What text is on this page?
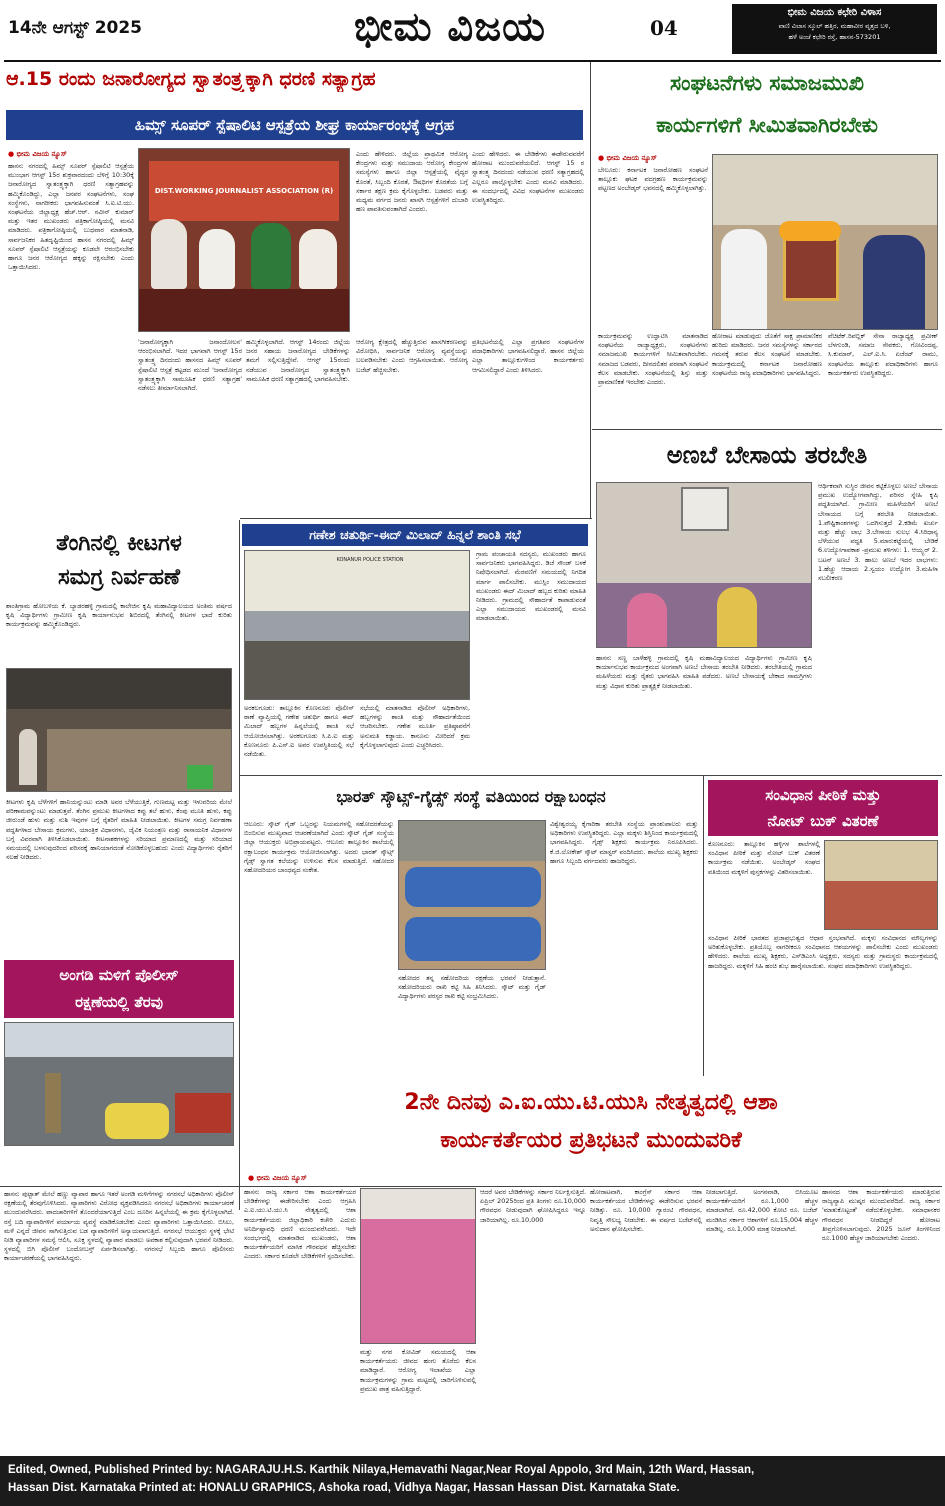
14ನೇ ಆಗಸ್ಟ್ 2025	ಭೀಮ ವಿಜಯ	04
ಭೀಮ ವಿಜಯ ಕಛೇರಿ ವಿಳಾಸ
ವಾಣಿ ವಿಲಾಸ ಸ್ಕೂಲ್ ಹತ್ತಿರ, ಮಹಾವೀರ ವೃತ್ತದ ಬಳಿ,
ಹಳೆ ಅಂಚೆ ಕಛೇರಿ ರಸ್ತೆ, ಹಾಸನ-573201
ಆ.15 ರಂದು ಜನಾರೋಗ್ಯದ ಸ್ವಾತಂತ್ರ್ಯಕ್ಕಾಗಿ ಧರಣಿ ಸತ್ಯಾಗ್ರಹ
ಹಿಮ್ಸ್ ಸೂಪರ್ ಸ್ಪೆಷಾಲಿಟಿ ಆಸ್ಪತ್ರೆಯ ಶೀಘ್ರ ಕಾರ್ಯಾರಂಭಕ್ಕೆ ಆಗ್ರಹ
● ಭೀಮ ವಿಜಯ ನ್ಯೂಸ್
ಹಾಸನ: ನಗರದಲ್ಲಿ ಹಿಮ್ಸ್ ಸೂಪರ್ ಸ್ಪೆಷಾಲಿಟಿ ಆಸ್ಪತ್ರೆಯ ಮುಂಭಾಗ ಆಗಸ್ಟ್ 15ರ ಶುಕ್ರವಾರದಂದು ಬೆಳಿಗ್ಗೆ 10:30ಕ್ಕೆ ಜನಾರೋಗ್ಯದ ಸ್ವಾತಂತ್ರ್ಯಕ್ಕಾಗಿ ಧರಣಿ ಸತ್ಯಾಗ್ರಹವನ್ನು ಹಮ್ಮಿಕೊಂಡಿದ್ದು, ಎಲ್ಲಾ ಜನಪರ ಸಂಘಟನೆಗಳು, ಸಂಘ ಸಂಸ್ಥೆಗಳು, ನಾಗರೀಕರು ಭಾಗವಹಿಸುವಂತೆ ಸಿ.ಐ.ಟಿ.ಯು. ಸಂಘಟನೆಯ ಜಿಲ್ಲಾಧ್ಯಕ್ಷ ಹೆಚ್.ಆರ್. ನವೀನ್ ಕುಮಾರ್ ಮತ್ತು ಇತರ ಮುಖಂಡರು ಪತ್ರಿಕಾಗೋಷ್ಠಿಯಲ್ಲಿ ಮನವಿ ಮಾಡಿದರು. ಪತ್ರಿಕಾಗೋಷ್ಠಿಯಲ್ಲಿ ಬುಧವಾರ ಮಾತನಾಡಿ, ಸಾರ್ವಜನಿಕರ ಹಿತದೃಷ್ಟಿಯಿಂದ ಹಾಸನ ನಗರದಲ್ಲಿ ಹಿಮ್ಸ್ ಸೂಪರ್ ಸ್ಪೆಷಾಲಿಟಿ ಆಸ್ಪತ್ರೆಯನ್ನು ಕೂಡಲೇ ಆರಂಭಿಸಬೇಕು ಹಾಗೂ ಜನರ ಆರೋಗ್ಯದ ಹಕ್ಕನ್ನು ರಕ್ಷಿಸಬೇಕು ಎಂದು ಒತ್ತಾಯಿಸಿದರು.
DIST.WORKING JOURNALIST ASSOCIATION (R)
ಎಂದು ಹೇಳಿದರು. ಜಿಲ್ಲೆಯ ಪ್ರಾಥಮಿಕ ಆರೋಗ್ಯ ಕೇಂದ್ರಗಳು ಮತ್ತು ಸಮುದಾಯ ಆರೋಗ್ಯ ಕೇಂದ್ರಗಳ ಸಮಸ್ಯೆಗಳು ಹಾಗೂ ಜಿಲ್ಲಾ ಆಸ್ಪತ್ರೆಯಲ್ಲಿ ವೈದ್ಯರ ಕೊರತೆ, ಸಿಬ್ಬಂದಿ ಕೊರತೆ, ಔಷಧಿಗಳ ಕೊರತೆಯ ಬಗ್ಗೆ ಸರ್ಕಾರ ತಕ್ಷಣ ಕ್ರಮ ಕೈಗೊಳ್ಳಬೇಕು. ಬಡವರು ಮತ್ತು ಮಧ್ಯಮ ವರ್ಗದ ಜನರು ಖಾಸಗಿ ಆಸ್ಪತ್ರೆಗಳಿಗೆ ದುಬಾರಿ ಹಣ ಪಾವತಿಸುವಂತಾಗಿದೆ ಎಂದರು.
ಎಂದು ಹೇಳಿದರು. ಈ ಬೇಡಿಕೆಗಳು ಈಡೇರುವವರೆಗೆ ಹೋರಾಟ ಮುಂದುವರೆಯಲಿದೆ. ಆಗಸ್ಟ್ 15 ರ ಸ್ವಾತಂತ್ರ್ಯ ದಿನದಂದು ನಡೆಯುವ ಧರಣಿ ಸತ್ಯಾಗ್ರಹದಲ್ಲಿ ಎಲ್ಲರೂ ಪಾಲ್ಗೊಳ್ಳಬೇಕು ಎಂದು ಮನವಿ ಮಾಡಿದರು. ಈ ಸಂದರ್ಭದಲ್ಲಿ ವಿವಿಧ ಸಂಘಟನೆಗಳ ಮುಖಂಡರು ಉಪಸ್ಥಿತರಿದ್ದರು.
'ಜನಾರೋಗ್ಯಕ್ಕಾಗಿ ಜನಾಂದೋಲನ' ಆರಂಭಿಸಲಾಗಿದೆ. ಇದರ ಭಾಗವಾಗಿ ಆಗಸ್ಟ್ 15ರ ಸ್ವಾತಂತ್ರ್ಯ ದಿನದಂದು ಹಾಸನದ ಹಿಮ್ಸ್ ಸೂಪರ್ ಸ್ಪೆಷಾಲಿಟಿ ಆಸ್ಪತ್ರೆ ಕಟ್ಟಡದ ಮುಂದೆ 'ಜನಾರೋಗ್ಯದ ಸ್ವಾತಂತ್ರ್ಯಕ್ಕಾಗಿ ಸಾಮೂಹಿಕ ಧರಣಿ ಸತ್ಯಾಗ್ರಹ' ನಡೆಸಲು ತೀರ್ಮಾನಿಸಲಾಗಿದೆ.
ಹಮ್ಮಿಕೊಳ್ಳಲಾಗಿದೆ. ಆಗಸ್ಟ್ 14ರಂದು ಜಿಲ್ಲೆಯ ಜನರ ಸಹಾಯ ಜನಾರೋಗ್ಯದ ಬೇಡಿಕೆಗಳನ್ನು ತಮಗೆ ಸಲ್ಲಿಸುತ್ತಿದ್ದೇವೆ. ಆಗಸ್ಟ್ 15ರಂದು ನಡೆಯುವ ಜನಾರೋಗ್ಯದ ಸ್ವಾತಂತ್ರ್ಯಕ್ಕಾಗಿ ಸಾಮೂಹಿಕ ಧರಣಿ ಸತ್ಯಾಗ್ರಹದಲ್ಲಿ ಭಾಗವಹಿಸಬೇಕು.
ಆರೋಗ್ಯ ಕ್ಷೇತ್ರದಲ್ಲಿ ಹೆಚ್ಚುತ್ತಿರುವ ಖಾಸಗೀಕರಣವನ್ನು ವಿರೋಧಿಸಿ, ಸಾರ್ವಜನಿಕ ಆರೋಗ್ಯ ವ್ಯವಸ್ಥೆಯನ್ನು ಬಲಪಡಿಸಬೇಕು ಎಂದು ಆಗ್ರಹಿಸಲಾಯಿತು. ಆರೋಗ್ಯ ಬಜೆಟ್ ಹೆಚ್ಚಿಸಬೇಕು.
ಪ್ರತಿಭಟನೆಯಲ್ಲಿ ಎಲ್ಲಾ ಪ್ರಗತಿಪರ ಸಂಘಟನೆಗಳ ಪದಾಧಿಕಾರಿಗಳು ಭಾಗವಹಿಸಲಿದ್ದಾರೆ. ಹಾಸನ ಜಿಲ್ಲೆಯ ಎಲ್ಲಾ ತಾಲ್ಲೂಕುಗಳಿಂದ ಕಾರ್ಯಕರ್ತರು ಆಗಮಿಸಲಿದ್ದಾರೆ ಎಂದು ತಿಳಿಸಿದರು.
ಸಂಘಟನೆಗಳು ಸಮಾಜಮುಖಿ
ಕಾರ್ಯಗಳಿಗೆ ಸೀಮಿತವಾಗಿರಬೇಕು
● ಭೀಮ ವಿಜಯ ನ್ಯೂಸ್
ಬೇಲೂರು: ಕರ್ನಾಟಕ ಜನಾರೋಹಣ ಸಂಘಟನೆ ತಾಲ್ಲೂಕು ಘಟಕ ಪದಗ್ರಹಣ ಕಾರ್ಯಕ್ರಮವನ್ನು ಪಟ್ಟಣದ ಅಂಬೇಡ್ಕರ್ ಭವನದಲ್ಲಿ ಹಮ್ಮಿಕೊಳ್ಳಲಾಗಿತ್ತು.
ಕಾರ್ಯಕ್ರಮವನ್ನು ಉದ್ಘಾಟಿಸಿ ಮಾತನಾಡಿದ ಸಂಘಟನೆಯ ರಾಜ್ಯಾಧ್ಯಕ್ಷರು, ಸಂಘಟನೆಗಳು ಸಮಾಜಮುಖಿ ಕಾರ್ಯಗಳಿಗೆ ಸೀಮಿತವಾಗಿರಬೇಕು. ಸಮಾಜದ ಬಡವರು, ದೀನದಲಿತರ ಪರವಾಗಿ ಸಂಘಟನೆ ಕೆಲಸ ಮಾಡಬೇಕು. ಸಂಘಟನೆಯಲ್ಲಿ ಶಿಸ್ತು ಮತ್ತು ಪ್ರಾಮಾಣಿಕತೆ ಇರಬೇಕು ಎಂದರು.
ಹೋರಾಟ ಮಾಡುವುದು ಜೊತೆಗೆ ಸಾಕ್ಷ ಪ್ರಾಮಾಣಿಕರ ಹುರಿದು ಮಾಡಿದರು. ಜನರ ಸಮಸ್ಯೆಗಳನ್ನು ಸರ್ಕಾರದ ಗಮನಕ್ಕೆ ತರುವ ಕೆಲಸ ಸಂಘಟನೆ ಮಾಡಬೇಕು. ಕಾರ್ಯಕ್ರಮದಲ್ಲಿ ಕರ್ನಾಟಕ ಜನಾರೋಹಣ ಸಂಘಟನೆಯ ರಾಜ್ಯ ಪದಾಧಿಕಾರಿಗಳು ಭಾಗವಹಿಸಿದ್ದರು.
ವೆಚಿಟೆಕ್.ರಿಪಬ್ಲಿಕ್ ಸೇನಾ ರಾಜ್ಯಾಧ್ಯಕ್ಷ ಪ್ರವೀಣ್ ಬೆಳಗುಂಡಿ, ಸಮಾಜ ಸೇವಕರು, ಗೋವಿಂದಪ್ಪ, ಸಿ.ಕುಮಾರ್, ಎಲ್.ಐ.ಸಿ. ಏಜೆಂಟ್ ರಾಮು, ಸಂಘಟನೆಯ ತಾಲ್ಲೂಕು ಪದಾಧಿಕಾರಿಗಳು ಹಾಗೂ ಕಾರ್ಯಕರ್ತರು ಉಪಸ್ಥಿತರಿದ್ದರು.
ಅಣಬೆ ಬೇಸಾಯ ತರಬೇತಿ
ಆರ್ಥಿಕವಾಗಿ ಸುಸ್ಥಿರ ಜೀವನ ಕಟ್ಟಿಕೊಳ್ಳಲು ಅಣಬೆ ಬೇಸಾಯ ಪ್ರಮುಖ ಉದ್ಯೋಗವಾಗಿದ್ದು, ಪರಿಸರ ಸ್ನೇಹಿ ಕೃಷಿ ಪದ್ಧತಿಯಾಗಿದೆ. ಗ್ರಾಮೀಣ ಮಹಿಳೆಯರಿಗೆ ಅಣಬೆ ಬೇಸಾಯದ ಬಗ್ಗೆ ತರಬೇತಿ ನೀಡಲಾಯಿತು. 1.ಪೌಷ್ಟಿಕಾಂಶಗಳನ್ನು ಒದಗಿಸುತ್ತದೆ 2.ಕಡಿಮೆ ಖರ್ಚು ಮತ್ತು ಹೆಚ್ಚು ಲಾಭ 3.ಬೇಸಾಯ ಸುಲಭ 4.ಸಿರಿಧಾನ್ಯ ಬೆಳೆಯುವ ಪದ್ಧತಿ 5.ಮಾರುಕಟ್ಟೆಯಲ್ಲಿ ಬೇಡಿಕೆ 6.ಉದ್ಯೋಗಾವಕಾಶ -ಪ್ರಮುಖ ತಳಿಗಳು: 1. ಆಯ್ಸ್ಟರ್ 2. ಬಟನ್ ಅಣಬೆ 3. ಹಾಲು ಅಣಬೆ ಇದರ ಲಾಭಗಳು: 1.ಹೆಚ್ಚು ಆದಾಯ 2.ಸ್ವಯಂ ಉದ್ಯೋಗ 3.ಮಹಿಳಾ ಸಬಲೀಕರಣ
ಹಾಸನ: ಸಣ್ಣ ಬಾಳೆಹಳ್ಳಿ ಗ್ರಾಮದಲ್ಲಿ ಕೃಷಿ ಮಹಾವಿದ್ಯಾಲಯದ ವಿದ್ಯಾರ್ಥಿಗಳು ಗ್ರಾಮೀಣ ಕೃಷಿ ಕಾರ್ಯಾನುಭವ ಕಾರ್ಯಕ್ರಮದ ಅಂಗವಾಗಿ ಅಣಬೆ ಬೇಸಾಯ ತರಬೇತಿ ನೀಡಿದರು. ತರಬೇತಿಯಲ್ಲಿ ಗ್ರಾಮದ ಮಹಿಳೆಯರು ಮತ್ತು ರೈತರು ಭಾಗವಹಿಸಿ ಮಾಹಿತಿ ಪಡೆದರು. ಅಣಬೆ ಬೇಸಾಯಕ್ಕೆ ಬೇಕಾದ ಸಾಮಗ್ರಿಗಳು ಮತ್ತು ವಿಧಾನ ಕುರಿತು ಪ್ರಾತ್ಯಕ್ಷಿಕೆ ನೀಡಲಾಯಿತು.
ತೆಂಗಿನಲ್ಲಿ ಕೀಟಗಳ
ಸಮಗ್ರ ನಿರ್ವಹಣೆ
ಶಾಂತಿಗ್ರಾಮ ಹೋಬಳಿಯ ಕೆ. ಬ್ಯಾಡರಹಳ್ಳಿ ಗ್ರಾಮದಲ್ಲಿ ಕಾಲೇಜಿನ ಕೃಷಿ ಮಹಾವಿದ್ಯಾಲಯದ ಅಂತಿಮ ವರ್ಷದ ಕೃಷಿ ವಿದ್ಯಾರ್ಥಿಗಳು ಗ್ರಾಮೀಣ ಕೃಷಿ ಕಾರ್ಯಾನುಭವ ಶಿಬಿರದಲ್ಲಿ ತೆಂಗಿನಲ್ಲಿ ಕೀಟಗಳ ಭಾದೆ ಕುರಿತು ಕಾರ್ಯಕ್ರಮವನ್ನು ಹಮ್ಮಿಕೊಂಡಿದ್ದರು.
ಕೀಟಗಳು ಕೃಷಿ ಬೆಳೆಗಳಿಗೆ ಹಾನಿಯನ್ನುಂಟು ಮಾಡಿ ಅವರ ಬೆಳೆಯುತ್ತಿಕೆ, ಗುಣಮಟ್ಟ ಮತ್ತು ಇಳುವರಿಯ ಮೇಲೆ ಪರಿಣಾಮವನ್ನುಂಟು ಮಾಡುತ್ತವೆ. ತೆಂಗಿನ ಪ್ರಮುಖ ಕೀಟಗಳಾದ ಕಪ್ಪು ತಲೆ ಹುಳು, ಕೆಂಪು ಮೂತಿ ಹುಳು, ಕಪ್ಪು ಜೀರುಂಡೆ ಹುಳು ಮತ್ತು ನುಶಿ ಇವುಗಳ ಬಗ್ಗೆ ರೈತರಿಗೆ ಮಾಹಿತಿ ನೀಡಲಾಯಿತು. ಕೀಟಗಳ ಸಮಗ್ರ ನಿರ್ವಹಣಾ ಪದ್ಧತಿಗಳಾದ ಬೇಸಾಯ ಕ್ರಮಗಳು, ಯಾಂತ್ರಿಕ ವಿಧಾನಗಳು, ಜೈವಿಕ ನಿಯಂತ್ರಣ ಮತ್ತು ರಾಸಾಯನಿಕ ವಿಧಾನಗಳ ಬಗ್ಗೆ ವಿವರವಾಗಿ ತಿಳಿಸಿಕೊಡಲಾಯಿತು. ಕೀಟನಾಶಕಗಳನ್ನು ಸರಿಯಾದ ಪ್ರಮಾಣದಲ್ಲಿ ಮತ್ತು ಸರಿಯಾದ ಸಮಯದಲ್ಲಿ ಬಳಸುವುದರಿಂದ ಪರಿಸರಕ್ಕೆ ಹಾನಿಯಾಗದಂತೆ ನೋಡಿಕೊಳ್ಳಬಹುದು ಎಂದು ವಿದ್ಯಾರ್ಥಿಗಳು ರೈತರಿಗೆ ಸಲಹೆ ನೀಡಿದರು.
ಗಣೇಶ ಚತುರ್ಥಿ-ಈದ್ ಮಿಲಾದ್ ಹಿನ್ನಲೆ ಶಾಂತಿ ಸಭೆ
KONANUR POLICE STATION
ಅರಕಲಗೂಡು: ತಾಲ್ಲೂಕಿನ ಕೊಣನೂರು ಪೊಲೀಸ್ ಠಾಣೆ ವ್ಯಾಪ್ತಿಯಲ್ಲಿ ಗಣೇಶ ಚತುರ್ಥಿ ಹಾಗೂ ಈದ್ ಮಿಲಾದ್ ಹಬ್ಬಗಳ ಹಿನ್ನಲೆಯಲ್ಲಿ ಶಾಂತಿ ಸಭೆ ಆಯೋಜಿಸಲಾಗಿತ್ತು. ಅರಕಲಗೂಡು ಸಿ.ಪಿ.ಐ ಮತ್ತು ಕೊಣನೂರು ಪಿ.ಎಸ್.ಐ ಅವರ ಉಪಸ್ಥಿತಿಯಲ್ಲಿ ಸಭೆ ನಡೆಯಿತು.
ಸಭೆಯಲ್ಲಿ ಮಾತನಾಡಿದ ಪೊಲೀಸ್ ಅಧಿಕಾರಿಗಳು, ಹಬ್ಬಗಳನ್ನು ಶಾಂತಿ ಮತ್ತು ಸೌಹಾರ್ದತೆಯಿಂದ ಆಚರಿಸಬೇಕು. ಗಣೇಶ ಮೂರ್ತಿ ಪ್ರತಿಷ್ಠಾಪನೆಗೆ ಅನುಮತಿ ಕಡ್ಡಾಯ. ಕಾನೂನು ಮೀರಿದರೆ ಕ್ರಮ ಕೈಗೊಳ್ಳಲಾಗುವುದು ಎಂದು ಎಚ್ಚರಿಸಿದರು.
ಗ್ರಾಮ ಪಂಚಾಯತಿ ಸದಸ್ಯರು, ಮುಖಂಡರು ಹಾಗೂ ಸಾರ್ವಜನಿಕರು ಭಾಗವಹಿಸಿದ್ದರು. ಡಿಜೆ ಸೌಂಡ್ ಬಳಕೆ ನಿಷೇಧಿಸಲಾಗಿದೆ. ಮೆರವಣಿಗೆ ಸಮಯದಲ್ಲಿ ನಿಗದಿತ ಮಾರ್ಗ ಪಾಲಿಸಬೇಕು. ಮುಸ್ಲಿಂ ಸಮುದಾಯದ ಮುಖಂಡರು ಈದ್ ಮಿಲಾದ್ ಹಬ್ಬದ ಕುರಿತು ಮಾಹಿತಿ ನೀಡಿದರು. ಗ್ರಾಮದಲ್ಲಿ ಸೌಹಾರ್ದತೆ ಕಾಪಾಡುವಂತೆ ಎಲ್ಲಾ ಸಮುದಾಯದ ಮುಖಂಡರಲ್ಲಿ ಮನವಿ ಮಾಡಲಾಯಿತು.
ಭಾರತ್ ಸ್ಕೌಟ್ಸ್-ಗೈಡ್ಸ್ ಸಂಸ್ಥೆ ವತಿಯಿಂದ ರಕ್ಷಾಬಂಧನ
ಆಲೂರು: ಸ್ಕೌಟ್ ಗೈಡ್ ಒಬ್ಬರನ್ನು ನಿಯಮಗಳಲ್ಲಿ ಸಹೋದರತೆಯನ್ನು ಬಿಂಬಿಸುವ ಮುಖ್ಯವಾದ ಆಚರಣೆಯಾಗಿದೆ ಎಂದು ಸ್ಕೌಟ್ ಗೈಡ್ ಸಂಸ್ಥೆಯ ಜಿಲ್ಲಾ ಆಯುಕ್ತರು ಅಭಿಪ್ರಾಯಪಟ್ಟರು. ಆಲೂರು ತಾಲ್ಲೂಕಿನ ಶಾಲೆಯಲ್ಲಿ ರಕ್ಷಾಬಂಧನ ಕಾರ್ಯಕ್ರಮ ಆಯೋಜಿಸಲಾಗಿತ್ತು. ಅದರು ಭಾರತ್ ಸ್ಕೌಟ್ಸ್ ಗೈಡ್ಸ್ ಸ್ವಾಗತ ಕಲೆಯನ್ನು ಉಳಿಸುವ ಕೆಲಸ ಮಾಡುತ್ತಿದೆ. ಸಹೋದರ ಸಹೋದರಿಯರ ಬಾಂಧವ್ಯದ ಸಂಕೇತ.
ಸಹೋದರ ತನ್ನ ಸಹೋದರಿಯ ರಕ್ಷಣೆಯ ಭರವಸೆ ನೀಡುತ್ತಾನೆ. ಸಹೋದರಿಯರು ರಾಖಿ ಕಟ್ಟಿ ಸಿಹಿ ತಿನಿಸಿದರು. ಸ್ಕೌಟ್ ಮತ್ತು ಗೈಡ್ ವಿದ್ಯಾರ್ಥಿಗಳು ಪರಸ್ಪರ ರಾಖಿ ಕಟ್ಟಿ ಸಂಭ್ರಮಿಸಿದರು.
ವಿಶ್ವೇಶ್ವರಯ್ಯ ಕೈಗಾರಿಕಾ ತರಬೇತಿ ಸಂಸ್ಥೆಯ ಪ್ರಾಂಶುಪಾಲರು ಮತ್ತು ಅಧಿಕಾರಿಗಳು ಉಪಸ್ಥಿತರಿದ್ದರು. ಎಲ್ಲಾ ಮಕ್ಕಳು ಶಿಸ್ತಿನಿಂದ ಕಾರ್ಯಕ್ರಮದಲ್ಲಿ ಭಾಗವಹಿಸಿದ್ದರು. ಗೈಡ್ಸ್ ಶಿಕ್ಷಕರು ಕಾರ್ಯಕ್ರಮ ನಿರೂಪಿಸಿದರು. ಕೆ.ಜಿ.ಲೋಕೇಶ್ ಸ್ಕೌಟ್ ಮಾಸ್ಟರ್ ವಂದಿಸಿದರು. ಶಾಲೆಯ ಮುಖ್ಯ ಶಿಕ್ಷಕರು ಹಾಗೂ ಸಿಬ್ಬಂದಿ ವರ್ಗದವರು ಹಾಜರಿದ್ದರು.
ಸಂವಿಧಾನ ಪೀಠಿಕೆ ಮತ್ತು
ನೋಟ್ ಬುಕ್ ವಿತರಣೆ
ಕೊಣನೂರು: ತಾಲ್ಲೂಕಿನ ಹಳ್ಳಿಗಳ ಶಾಲೆಗಳಲ್ಲಿ ಸಂವಿಧಾನ ಪೀಠಿಕೆ ಮತ್ತು ನೋಟ್ ಬುಕ್ ವಿತರಣೆ ಕಾರ್ಯಕ್ರಮ ನಡೆಯಿತು. ಅಂಬೇಡ್ಕರ್ ಸಂಘದ ವತಿಯಿಂದ ಮಕ್ಕಳಿಗೆ ಪುಸ್ತಕಗಳನ್ನು ವಿತರಿಸಲಾಯಿತು.
ಸಂವಿಧಾನ ಪೀಠಿಕೆ ಭಾರತದ ಪ್ರಜಾಪ್ರಭುತ್ವದ ಆಧಾರ ಸ್ತಂಭವಾಗಿದೆ. ಮಕ್ಕಳು ಸಂವಿಧಾನದ ಮೌಲ್ಯಗಳನ್ನು ಅರಿತುಕೊಳ್ಳಬೇಕು. ಪ್ರತಿಯೊಬ್ಬ ನಾಗರೀಕರೂ ಸಂವಿಧಾನದ ಆಶಯಗಳನ್ನು ಪಾಲಿಸಬೇಕು ಎಂದು ಮುಖಂಡರು ಹೇಳಿದರು. ಶಾಲೆಯ ಮುಖ್ಯ ಶಿಕ್ಷಕರು, ಎಸ್‌ಡಿಎಂಸಿ ಅಧ್ಯಕ್ಷರು, ಸದಸ್ಯರು ಮತ್ತು ಗ್ರಾಮಸ್ಥರು ಕಾರ್ಯಕ್ರಮದಲ್ಲಿ ಹಾಜರಿದ್ದರು. ಮಕ್ಕಳಿಗೆ ಸಿಹಿ ಹಂಚಿ ಶುಭ ಹಾರೈಸಲಾಯಿತು. ಸಂಘದ ಪದಾಧಿಕಾರಿಗಳು ಉಪಸ್ಥಿತರಿದ್ದರು.
ಅಂಗಡಿ ಮಳಿಗೆ ಪೊಲೀಸ್
ರಕ್ಷಣೆಯಲ್ಲಿ ತೆರವು
2ನೇ ದಿನವು ಎ.ಐ.ಯು.ಟಿ.ಯುಸಿ ನೇತೃತ್ವದಲ್ಲಿ ಆಶಾ
ಕಾರ್ಯಕರ್ತೆಯರ ಪ್ರತಿಭಟನೆ ಮುಂದುವರಿಕೆ
● ಭೀಮ ವಿಜಯ ನ್ಯೂಸ್
ಹಾಸನ: ಪುಟ್ಟಾತ್ ಮೇಲೆ ಹಣ್ಣು ವ್ಯಾಪಾರ ಹಾಗೂ ಇತರೆ ಅಂಗಡಿ ಮಳಿಗೆಗಳನ್ನು ನಗರಸಭೆ ಅಧಿಕಾರಿಗಳು ಪೊಲೀಸ್ ರಕ್ಷಣೆಯಲ್ಲಿ ತೆರವುಗೊಳಿಸಿದರು. ವ್ಯಾಪಾರಿಗಳು ವಿರೋಧ ವ್ಯಕ್ತಪಡಿಸಿದರೂ ನಗರಸಭೆ ಅಧಿಕಾರಿಗಳು ಕಾರ್ಯಾಚರಣೆ ಮುಂದುವರೆಸಿದರು. ಪಾದಚಾರಿಗಳಿಗೆ ತೊಂದರೆಯಾಗುತ್ತಿದೆ ಎಂಬ ದೂರಿನ ಹಿನ್ನಲೆಯಲ್ಲಿ ಈ ಕ್ರಮ ಕೈಗೊಳ್ಳಲಾಗಿದೆ. ರಸ್ತೆ ಬದಿ ವ್ಯಾಪಾರಿಗಳಿಗೆ ಪರ್ಯಾಯ ವ್ಯವಸ್ಥೆ ಮಾಡಿಕೊಡಬೇಕು ಎಂದು ವ್ಯಾಪಾರಿಗಳು ಒತ್ತಾಯಿಸಿದರು. ಬಿಸಿಲು, ಮಳೆ ಎನ್ನದೆ ಜೀವನ ಸಾಗಿಸುತ್ತಿರುವ ಬಡ ವ್ಯಾಪಾರಿಗಳಿಗೆ ಅನ್ಯಾಯವಾಗುತ್ತಿದೆ. ನಗರಸಭೆ ಆಯುಕ್ತರು ಸ್ಥಳಕ್ಕೆ ಭೇಟಿ ನೀಡಿ ವ್ಯಾಪಾರಿಗಳ ಸಮಸ್ಯೆ ಆಲಿಸಿ, ಸೂಕ್ತ ಸ್ಥಳದಲ್ಲಿ ವ್ಯಾಪಾರ ಮಾಡಲು ಅವಕಾಶ ಕಲ್ಪಿಸುವುದಾಗಿ ಭರವಸೆ ನೀಡಿದರು. ಸ್ಥಳದಲ್ಲಿ ಬಿಗಿ ಪೊಲೀಸ್ ಬಂದೋಬಸ್ತ್ ಏರ್ಪಡಿಸಲಾಗಿತ್ತು. ನಗರಸಭೆ ಸಿಬ್ಬಂದಿ ಹಾಗೂ ಪೊಲೀಸರು ಕಾರ್ಯಾಚರಣೆಯಲ್ಲಿ ಭಾಗವಹಿಸಿದ್ದರು.
ಹಾಸನ: ರಾಜ್ಯ ಸರ್ಕಾರ ಆಶಾ ಕಾರ್ಯಕರ್ತೆಯರ ಬೇಡಿಕೆಗಳನ್ನು ಈಡೇರಿಸಬೇಕು ಎಂದು ಆಗ್ರಹಿಸಿ ಎ.ಐ.ಯು.ಟಿ.ಯು.ಸಿ ನೇತೃತ್ವದಲ್ಲಿ ಆಶಾ ಕಾರ್ಯಕರ್ತೆಯರು ಜಿಲ್ಲಾಧಿಕಾರಿ ಕಚೇರಿ ಎದುರು ಅನಿರ್ದಿಷ್ಟಾವಧಿ ಧರಣಿ ಮುಂದುವರೆಸಿದರು. ಇದೇ ಸಂದರ್ಭದಲ್ಲಿ ಮಾತನಾಡಿದ ಮುಖಂಡರು, ಆಶಾ ಕಾರ್ಯಕರ್ತೆಯರಿಗೆ ಮಾಸಿಕ ಗೌರವಧನ ಹೆಚ್ಚಿಸಬೇಕು ಎಂದರು. ಸರ್ಕಾರ ಕೂಡಲೇ ಬೇಡಿಕೆಗಳಿಗೆ ಸ್ಪಂದಿಸಬೇಕು.
ಮತ್ತು ನಗರ ಕೋವಿಡ್ ಸಮಯದಲ್ಲಿ ಆಶಾ ಕಾರ್ಯಕರ್ತೆಯರು ಜೀವದ ಹಂಗು ತೊರೆದು ಕೆಲಸ ಮಾಡಿದ್ದಾರೆ. ಆರೋಗ್ಯ ಇಲಾಖೆಯ ಎಲ್ಲಾ ಕಾರ್ಯಕ್ರಮಗಳನ್ನು ಗ್ರಾಮ ಮಟ್ಟದಲ್ಲಿ ಜಾರಿಗೊಳಿಸುವಲ್ಲಿ ಪ್ರಮುಖ ಪಾತ್ರ ವಹಿಸುತ್ತಿದ್ದಾರೆ.
ಆದರೆ ಅವರ ಬೇಡಿಕೆಗಳನ್ನು ಸರ್ಕಾರ ನಿರ್ಲಕ್ಷಿಸುತ್ತಿದೆ. ಏಪ್ರಿಲ್ 2025ರಿಂದ ಪ್ರತಿ ತಿಂಗಳು ರೂ.10,000 ಗೌರವಧನ ನೀಡುವುದಾಗಿ ಘೋಷಿಸಿದ್ದರೂ ಇನ್ನೂ ಜಾರಿಯಾಗಿಲ್ಲ. ರೂ.10,000
ಹೋರಾಟವಾಗಿ, ಕಾಂಗ್ರೆಸ್ ಸರ್ಕಾರ ಆಶಾ ಕಾರ್ಯಕರ್ತೆಯರ ಬೇಡಿಕೆಗಳನ್ನು ಈಡೇರಿಸುವ ಭರವಸೆ ನೀಡಿತ್ತು. ರೂ. 10,000 ಗ್ಯಾರಂಟಿ ಗೌರವಧನ, ನಿವೃತ್ತಿ ಸೌಲಭ್ಯ ನೀಡಬೇಕು. ಈ ವರ್ಷದ ಬಜೆಟ್‌ನಲ್ಲಿ ಅನುದಾನ ಘೋಷಿಸಬೇಕು.
ನೀಡಲಾಗುತ್ತಿದೆ. ಅಂಗನವಾಡಿ, ಬಿಸಿಯೂಟ ಕಾರ್ಯಕರ್ತೆಯರಿಗೆ ರೂ.1,000 ಹೆಚ್ಚಳ ಮಾಡಲಾಗಿದೆ. ರೂ.42,000 ಕೋಟಿ ರೂ. ಬಜೆಟ್ ಮಂಡಿಸಿದ ಸರ್ಕಾರ ಆಶಾಗಳಿಗೆ ರೂ.15,004 ಹೆಚ್ಚಳ ಮಾಡಿಲ್ಲ. ರೂ.1,000 ಮಾತ್ರ ನೀಡಲಾಗಿದೆ.
ಹಾಸನದ ಆಶಾ ಕಾರ್ಯಕರ್ತೆಯರು ಮಾಡುತ್ತಿರುವ ರಾಜ್ಯವ್ಯಾಪಿ ಮುಷ್ಕರ ಮುಂದುವರೆದಿದೆ. ರಾಜ್ಯ ಸರ್ಕಾರ 'ಮಾತುಕೊಟ್ಟಂತೆ' ನಡೆದುಕೊಳ್ಳಬೇಕು. ಸಮಾಧಾನಕರ ಗೌರವಧನ ನೀಡದಿದ್ದರೆ ಹೋರಾಟ ತೀವ್ರಗೊಳಿಸಲಾಗುವುದು. 2025 ಜೂನ್ ತಿಂಗಳಿನಿಂದ ರೂ.1000 ಹೆಚ್ಚಳ ಜಾರಿಯಾಗಬೇಕು ಎಂದರು.
Edited, Owned, Published Printed by: NAGARAJU.H.S. Karthik Nilaya,Hemavathi Nagar,Near Royal Appolo, 3rd Main, 12th Ward, Hassan,
Hassan Dist. Karnataka Printed at: HONALU GRAPHICS, Ashoka road, Vidhya Nagar, Hassan Hassan Dist. Karnataka State.
